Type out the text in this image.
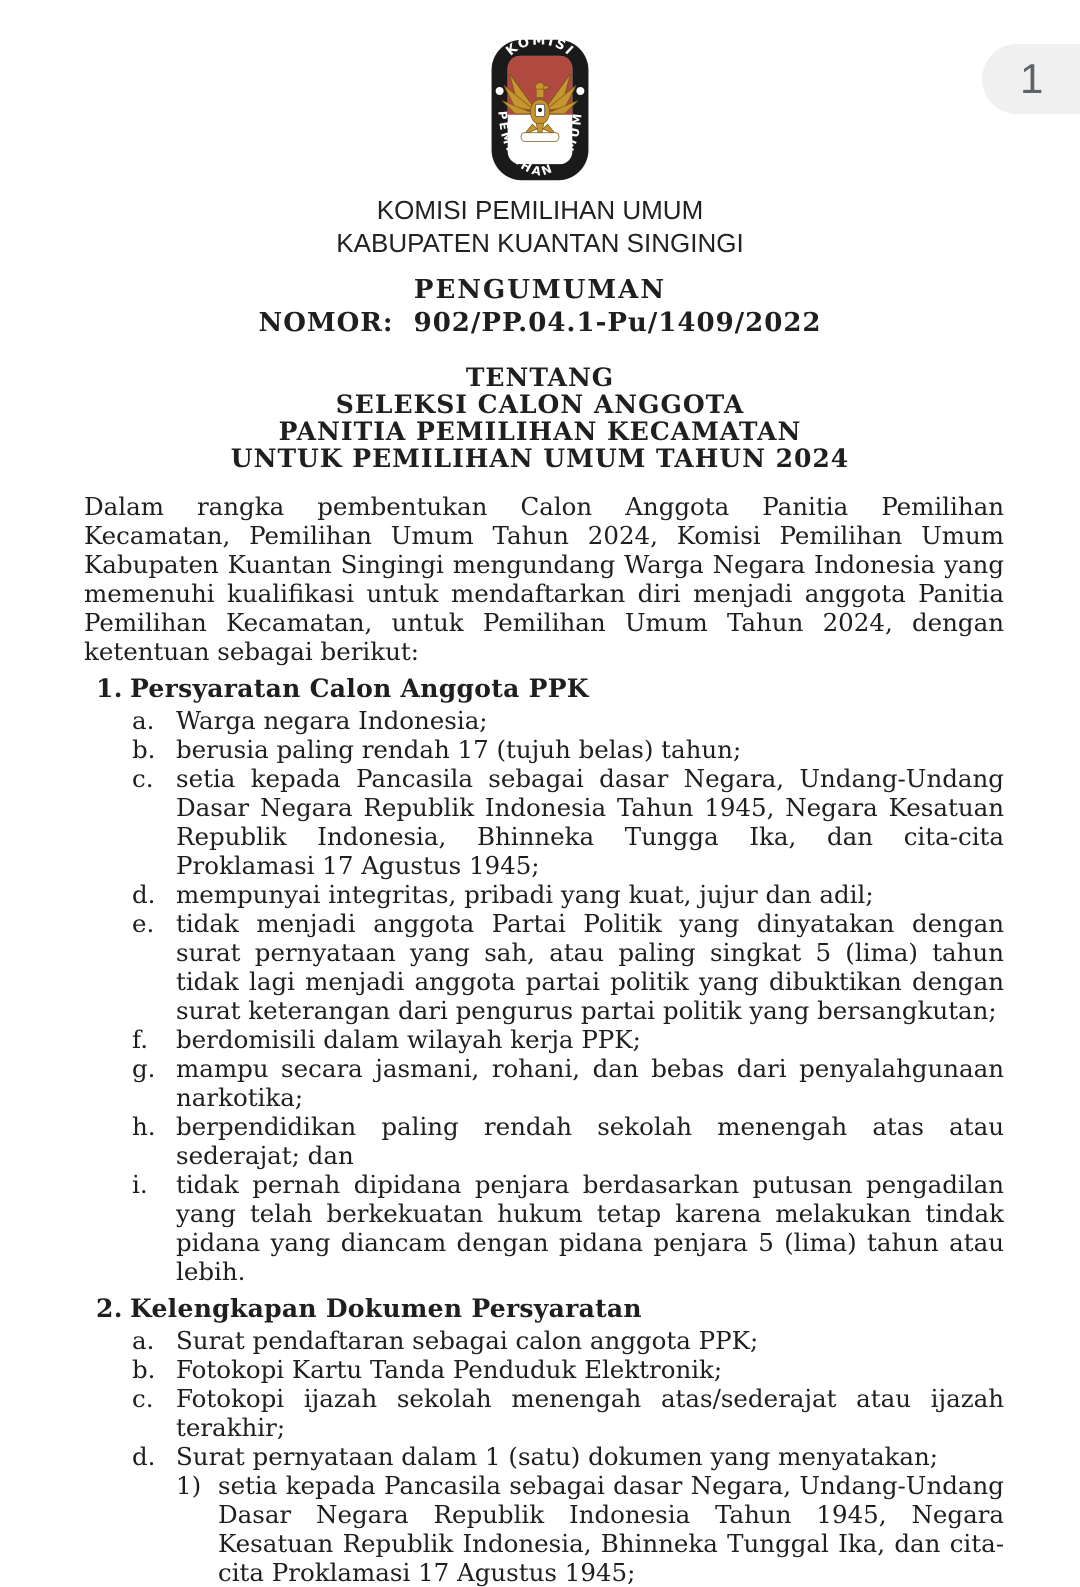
1
KOMISI
PEMILIHAN UMUM
KOMISI PEMILIHAN UMUM
KABUPATEN KUANTAN SINGINGI
PENGUMUMAN
NOMOR:  902/PP.04.1-Pu/1409/2022
TENTANG
SELEKSI CALON ANGGOTA
PANITIA PEMILIHAN KECAMATAN
UNTUK PEMILIHAN UMUM TAHUN 2024
Dalam rangka pembentukan Calon Anggota Panitia Pemilihan Kecamatan, Pemilihan Umum Tahun 2024, Komisi Pemilihan Umum Kabupaten Kuantan Singingi mengundang Warga Negara Indonesia yang memenuhi kualifikasi untuk mendaftarkan diri menjadi anggota Panitia Pemilihan Kecamatan, untuk Pemilihan Umum Tahun 2024, dengan ketentuan sebagai berikut:
1. Persyaratan Calon Anggota PPK
a. Warga negara Indonesia;
b. berusia paling rendah 17 (tujuh belas) tahun;
c. setia kepada Pancasila sebagai dasar Negara, Undang-Undang Dasar Negara Republik Indonesia Tahun 1945, Negara Kesatuan Republik Indonesia, Bhinneka Tungga Ika, dan cita-cita Proklamasi 17 Agustus 1945;
d. mempunyai integritas, pribadi yang kuat, jujur dan adil;
e. tidak menjadi anggota Partai Politik yang dinyatakan dengan surat pernyataan yang sah, atau paling singkat 5 (lima) tahun tidak lagi menjadi anggota partai politik yang dibuktikan dengan surat keterangan dari pengurus partai politik yang bersangkutan;
f.	berdomisili dalam wilayah kerja PPK;
g. mampu secara jasmani, rohani, dan bebas dari penyalahgunaan narkotika;
h. berpendidikan paling rendah sekolah menengah atas atau sederajat; dan
i.	tidak pernah dipidana penjara berdasarkan putusan pengadilan yang telah berkekuatan hukum tetap karena melakukan tindak pidana yang diancam dengan pidana penjara 5 (lima) tahun atau lebih.
2. Kelengkapan Dokumen Persyaratan
a. Surat pendaftaran sebagai calon anggota PPK;
b. Fotokopi Kartu Tanda Penduduk Elektronik;
c. Fotokopi ijazah sekolah menengah atas/sederajat atau ijazah terakhir;
d. Surat pernyataan dalam 1 (satu) dokumen yang menyatakan;
1) setia kepada Pancasila sebagai dasar Negara, Undang-Undang Dasar Negara Republik Indonesia Tahun 1945, Negara Kesatuan Republik Indonesia, Bhinneka Tunggal Ika, dan cita-cita Proklamasi 17 Agustus 1945;
